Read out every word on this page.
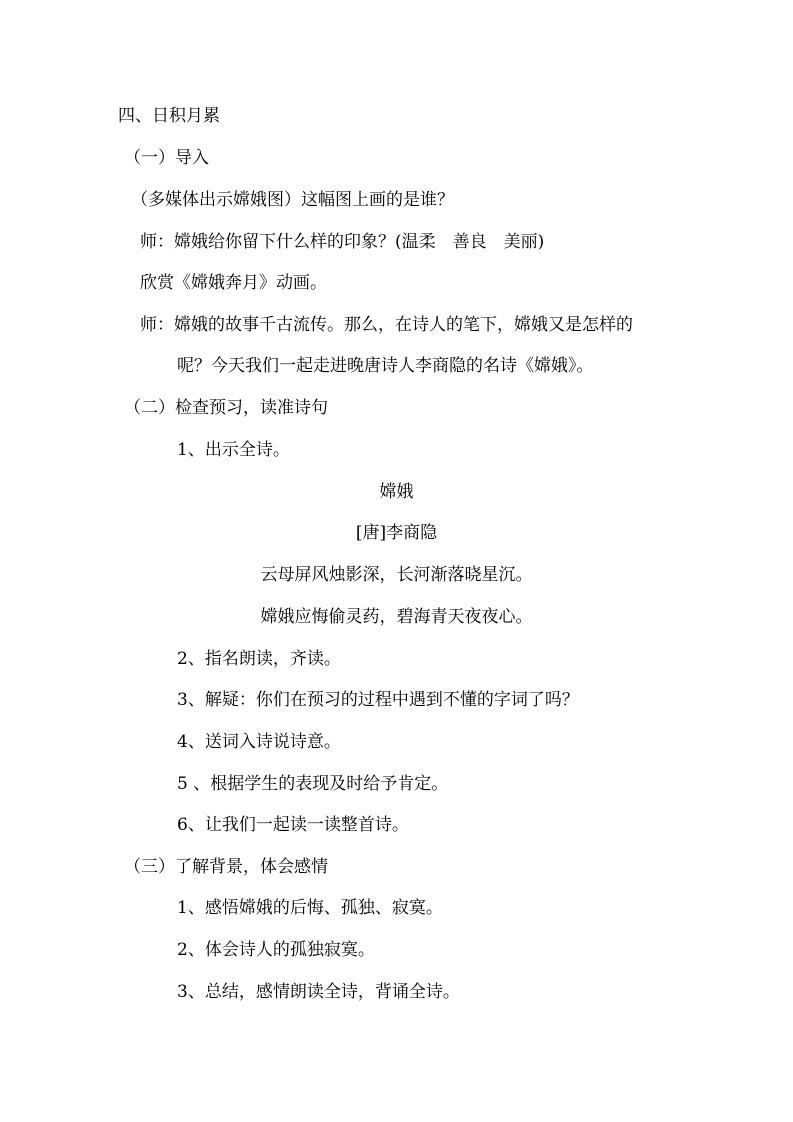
四、日积月累
（一）导入
（多媒体出示嫦娥图）这幅图上画的是谁？
师：嫦娥给你留下什么样的印象？(温柔　善良　美丽)
欣赏《嫦娥奔月》动画。
师：嫦娥的故事千古流传。那么，在诗人的笔下，嫦娥又是怎样的
呢？今天我们一起走进晚唐诗人李商隐的名诗《嫦娥》。
（二）检查预习，读准诗句
1、出示全诗。
嫦娥
[唐]李商隐
云母屏风烛影深，长河渐落晓星沉。
嫦娥应悔偷灵药，碧海青天夜夜心。
2、指名朗读，齐读。
3、解疑：你们在预习的过程中遇到不懂的字词了吗？
4、送词入诗说诗意。
5 、根据学生的表现及时给予肯定。
6、让我们一起读一读整首诗。
（三）了解背景，体会感情
1、感悟嫦娥的后悔、孤独、寂寞。
2、体会诗人的孤独寂寞。
3、总结，感情朗读全诗，背诵全诗。
